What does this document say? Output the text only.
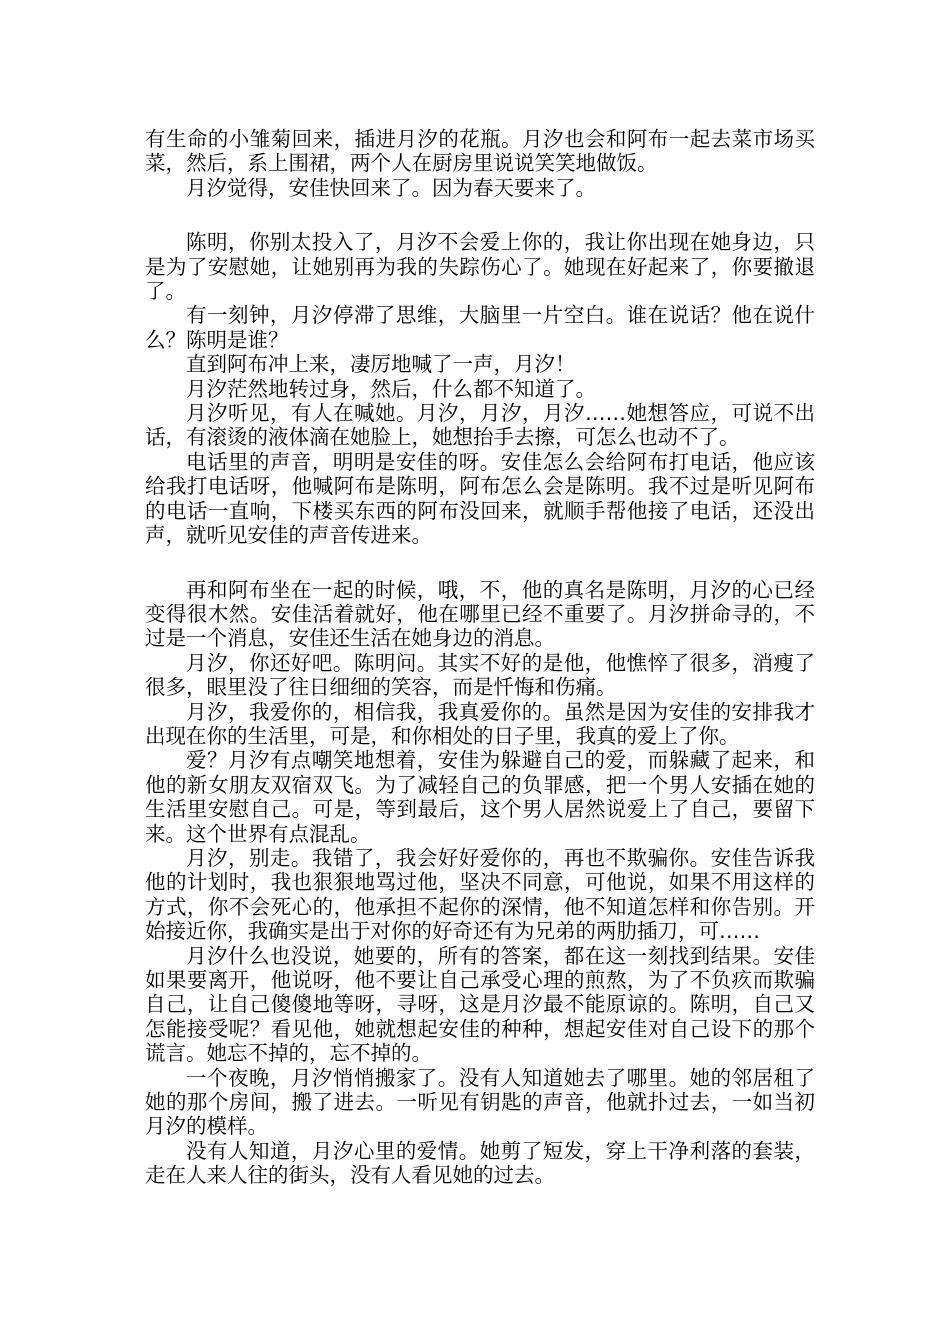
有生命的小雏菊回来，插进月汐的花瓶。月汐也会和阿布一起去菜市场买菜，然后，系上围裙，两个人在厨房里说说笑笑地做饭。

月汐觉得，安佳快回来了。因为春天要来了。

陈明，你别太投入了，月汐不会爱上你的，我让你出现在她身边，只是为了安慰她，让她别再为我的失踪伤心了。她现在好起来了，你要撤退了。

有一刻钟，月汐停滞了思维，大脑里一片空白。谁在说话？他在说什么？陈明是谁？

直到阿布冲上来，凄厉地喊了一声，月汐！

月汐茫然地转过身，然后，什么都不知道了。

月汐听见，有人在喊她。月汐，月汐，月汐……她想答应，可说不出话，有滚烫的液体滴在她脸上，她想抬手去擦，可怎么也动不了。

电话里的声音，明明是安佳的呀。安佳怎么会给阿布打电话，他应该给我打电话呀，他喊阿布是陈明，阿布怎么会是陈明。我不过是听见阿布的电话一直响，下楼买东西的阿布没回来，就顺手帮他接了电话，还没出声，就听见安佳的声音传进来。

再和阿布坐在一起的时候，哦，不，他的真名是陈明，月汐的心已经变得很木然。安佳活着就好，他在哪里已经不重要了。月汐拼命寻的，不过是一个消息，安佳还生活在她身边的消息。

月汐，你还好吧。陈明问。其实不好的是他，他憔悴了很多，消瘦了很多，眼里没了往日细细的笑容，而是忏悔和伤痛。

月汐，我爱你的，相信我，我真爱你的。虽然是因为安佳的安排我才出现在你的生活里，可是，和你相处的日子里，我真的爱上了你。

爱？月汐有点嘲笑地想着，安佳为躲避自己的爱，而躲藏了起来，和他的新女朋友双宿双飞。为了减轻自己的负罪感，把一个男人安插在她的生活里安慰自己。可是，等到最后，这个男人居然说爱上了自己，要留下来。这个世界有点混乱。

月汐，别走。我错了，我会好好爱你的，再也不欺骗你。安佳告诉我他的计划时，我也狠狠地骂过他，坚决不同意，可他说，如果不用这样的方式，你不会死心的，他承担不起你的深情，他不知道怎样和你告别。开始接近你，我确实是出于对你的好奇还有为兄弟的两肋插刀，可……

月汐什么也没说，她要的，所有的答案，都在这一刻找到结果。安佳如果要离开，他说呀，他不要让自己承受心理的煎熬，为了不负疚而欺骗自己，让自己傻傻地等呀，寻呀，这是月汐最不能原谅的。陈明，自己又怎能接受呢？看见他，她就想起安佳的种种，想起安佳对自己设下的那个谎言。她忘不掉的，忘不掉的。

一个夜晚，月汐悄悄搬家了。没有人知道她去了哪里。她的邻居租了她的那个房间，搬了进去。一听见有钥匙的声音，他就扑过去，一如当初月汐的模样。

没有人知道，月汐心里的爱情。她剪了短发，穿上干净利落的套装，走在人来人往的街头，没有人看见她的过去。
